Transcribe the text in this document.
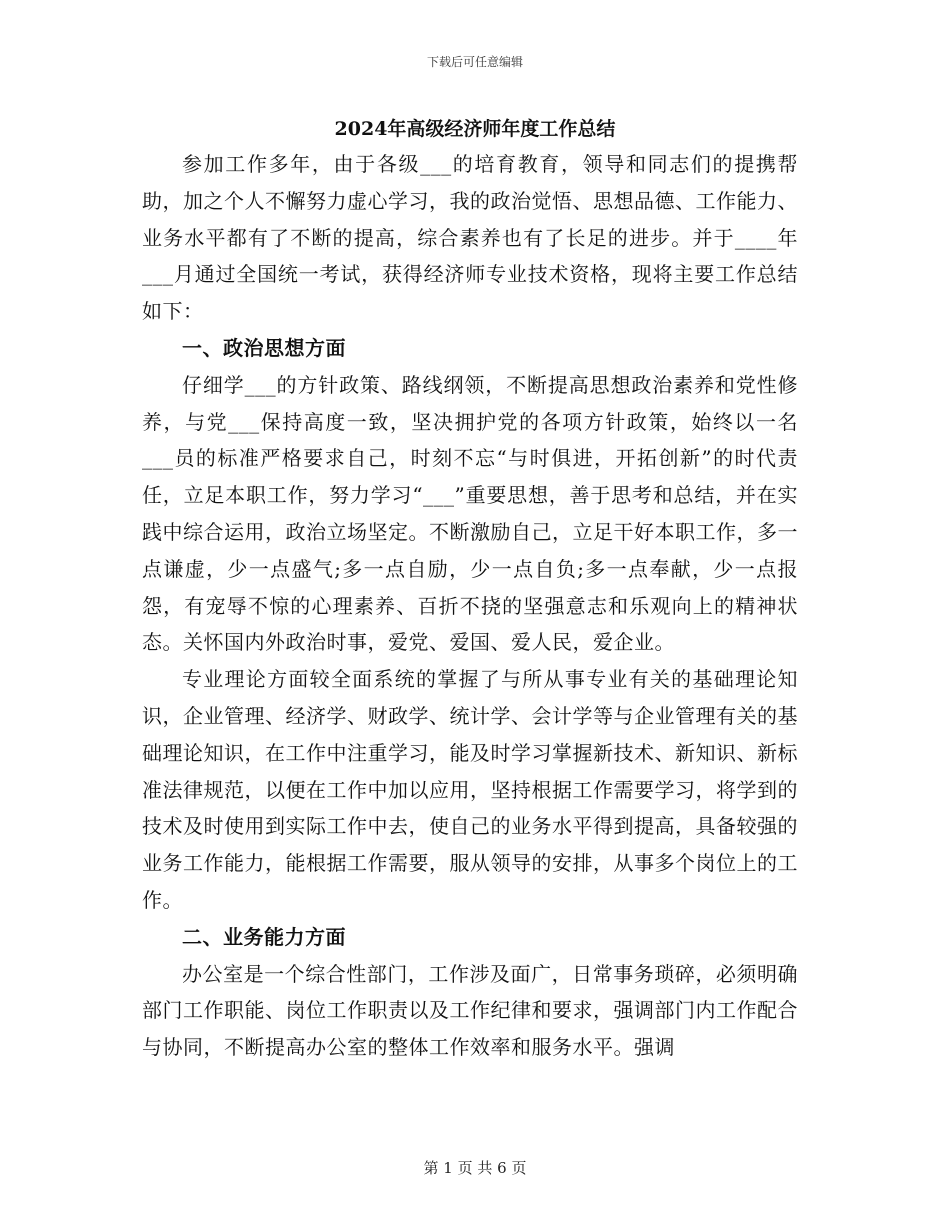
下载后可任意编辑
2024年高级经济师年度工作总结

参加工作多年，由于各级___的培育教育，领导和同志们的提携帮助，加之个人不懈努力虚心学习，我的政治觉悟、思想品德、工作能力、业务水平都有了不断的提高，综合素养也有了长足的进步。并于____年___月通过全国统一考试，获得经济师专业技术资格，现将主要工作总结如下：

一、政治思想方面

仔细学___的方针政策、路线纲领，不断提高思想政治素养和党性修养，与党___保持高度一致，坚决拥护党的各项方针政策，始终以一名___员的标准严格要求自己，时刻不忘“与时俱进，开拓创新”的时代责任，立足本职工作，努力学习“___”重要思想，善于思考和总结，并在实践中综合运用，政治立场坚定。不断激励自己，立足干好本职工作，多一点谦虚，少一点盛气;多一点自励，少一点自负;多一点奉献，少一点报怨，有宠辱不惊的心理素养、百折不挠的坚强意志和乐观向上的精神状态。关怀国内外政治时事，爱党、爱国、爱人民，爱企业。

专业理论方面较全面系统的掌握了与所从事专业有关的基础理论知识，企业管理、经济学、财政学、统计学、会计学等与企业管理有关的基础理论知识，在工作中注重学习，能及时学习掌握新技术、新知识、新标准法律规范，以便在工作中加以应用，坚持根据工作需要学习，将学到的技术及时使用到实际工作中去，使自己的业务水平得到提高，具备较强的业务工作能力，能根据工作需要，服从领导的安排，从事多个岗位上的工作。

二、业务能力方面

办公室是一个综合性部门，工作涉及面广，日常事务琐碎，必须明确部门工作职能、岗位工作职责以及工作纪律和要求，强调部门内工作配合与协同，不断提高办公室的整体工作效率和服务水平。强调

第 1 页 共 6 页
